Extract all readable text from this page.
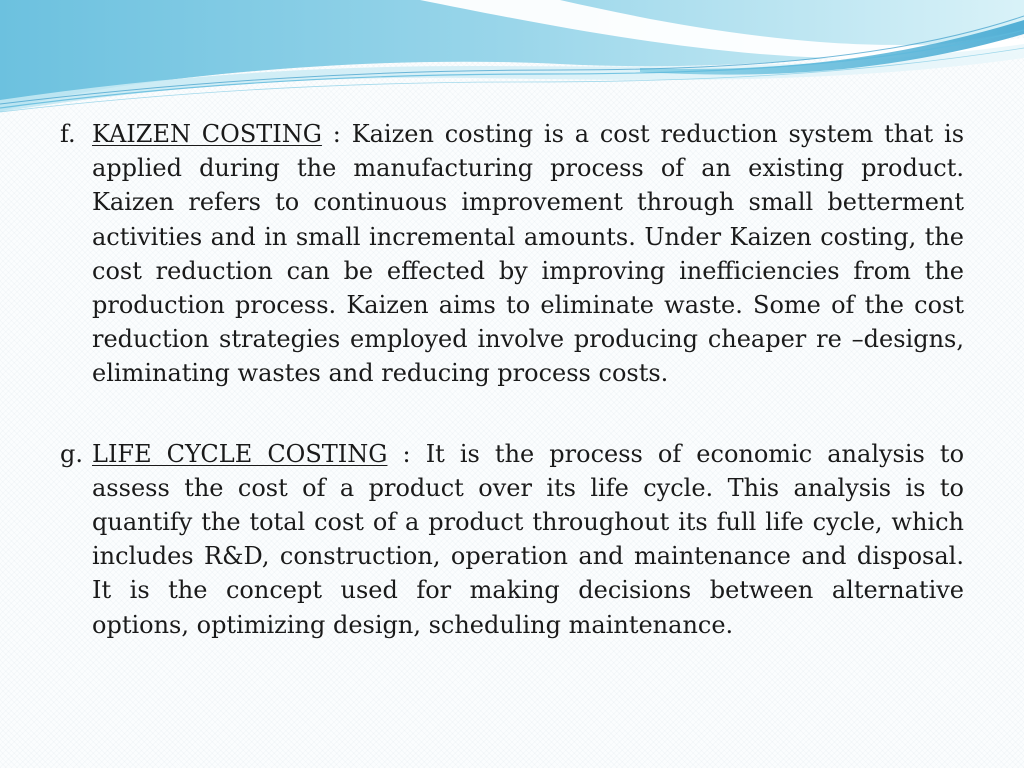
f. KAIZEN COSTING : Kaizen costing is a cost reduction system that is applied during the manufacturing process of an existing product. Kaizen refers to continuous improvement through small betterment activities and in small incremental amounts. Under Kaizen costing, the cost reduction can be effected by improving inefficiencies from the production process. Kaizen aims to eliminate waste. Some of the cost reduction strategies employed involve producing cheaper re –designs, eliminating wastes and reducing process costs.
g. LIFE CYCLE COSTING : It is the process of economic analysis to assess the cost of a product over its life cycle. This analysis is to quantify the total cost of a product throughout its full life cycle, which includes R&D, construction, operation and maintenance and disposal. It is the concept used for making decisions between alternative options, optimizing design, scheduling maintenance.
